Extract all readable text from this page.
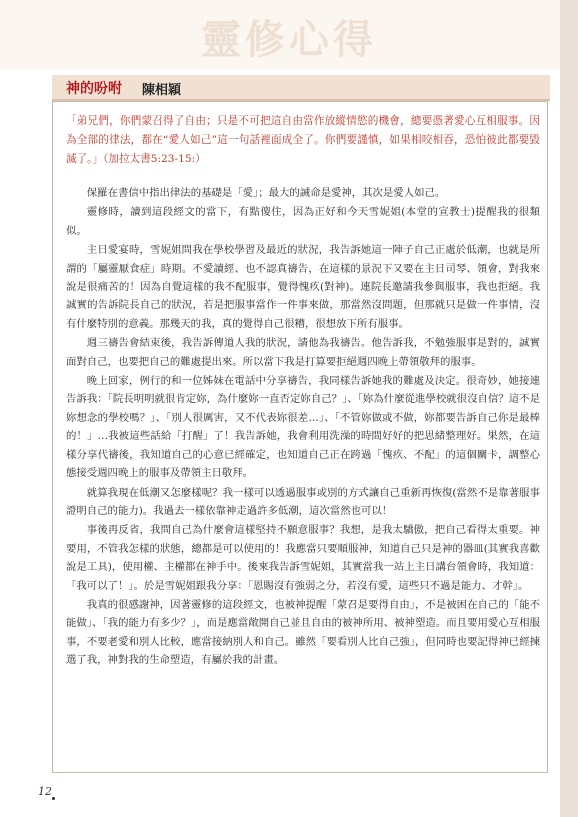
靈修心得
神的吩咐 陳相穎
「弟兄們，你們蒙召得了自由；只是不可把這自由當作放縱情慾的機會，總要憑著愛心互相服事。因為全部的律法，都在“愛人如己”這一句話裡面成全了。你們要謹慎，如果相咬相吞，恐怕彼此都要毀滅了。」（加拉太書5:23-15:）

保羅在書信中指出律法的基礎是「愛」；最大的誡命是愛神，其次是愛人如己。

靈修時，讀到這段經文的當下，有點傻住，因為正好和今天雪妮姐(本堂的宣教士)提醒我的很類似。

主日愛宴時，雪妮姐問我在學校學習及最近的狀況，我告訴她這一陣子自己正處於低潮，也就是所謂的「屬靈厭食症」時期。不愛讀經、也不認真禱告，在這樣的景況下又要在主日司琴、領會，對我來說是很痛苦的！因為自覺這樣的我不配服事，覺得愧疚(對神)。連院長邀請我參與服事，我也拒絕。我誠實的告訴院長自己的狀況，若是把服事當作一件事來做，那當然沒問題，但那就只是做一件事情，沒有什麼特別的意義。那幾天的我，真的覺得自己很糟，很想放下所有服事。

週三禱告會結束後，我告訴傳道人我的狀況，請他為我禱告。他告訴我，不勉強服事是對的，誠實面對自己，也要把自己的難處提出來。所以當下我是打算要拒絕週四晚上帶領敬拜的服事。

晚上回家，例行的和一位姊妹在電話中分享禱告，我同樣告訴她我的難處及決定。很奇妙，她接連告訴我：「院長明明就很肯定妳，為什麼妳一直否定妳自己？」、「妳為什麼從進學校就很沒自信？這不是妳想念的學校嗎？」、「別人很厲害，又不代表妳很差…」、「不管妳做或不做，妳都要告訴自己你是最棒的！」…我被這些話給「打醒」了！我告訴她，我會利用洗澡的時間好好的把思緒整理好。果然，在這樣分享代禱後，我知道自己的心意已經確定，也知道自己正在跨過「愧疚、不配」的這個關卡，調整心態接受週四晚上的服事及帶領主日敬拜。

就算我現在低潮又怎麼樣呢？我一樣可以透過服事或別的方式讓自己重新再恢復(當然不是靠著服事證明自己的能力)。我過去一樣依靠神走過許多低潮，這次當然也可以！

事後再反省，我問自己為什麼會這樣堅持不願意服事？我想，是我太驕傲，把自己看得太重要。神要用，不管我怎樣的狀態，總都是可以使用的！我應當只要順服神，知道自己只是神的器皿(其實我喜歡說是工具)，使用權、主權都在神手中。後來我告訴雪妮姐，其實當我一站上主日講台領會時，我知道：「我可以了！」。於是雪妮姐跟我分享：「恩賜沒有強弱之分，若沒有愛，這些只不過是能力、才幹」。

我真的很感謝神，因著靈修的這段經文，也被神提醒「蒙召是要得自由」，不是被困在自己的「能不能做」、「我的能力有多少？」，而是應當敞開自己並且自由的被神所用、被神塑造。而且要用愛心互相服事，不要老愛和別人比較，應當接納別人和自己。雖然「要看別人比自己強」，但同時也要記得神已經揀選了我，神對我的生命塑造，有屬於我的計畫。

12
